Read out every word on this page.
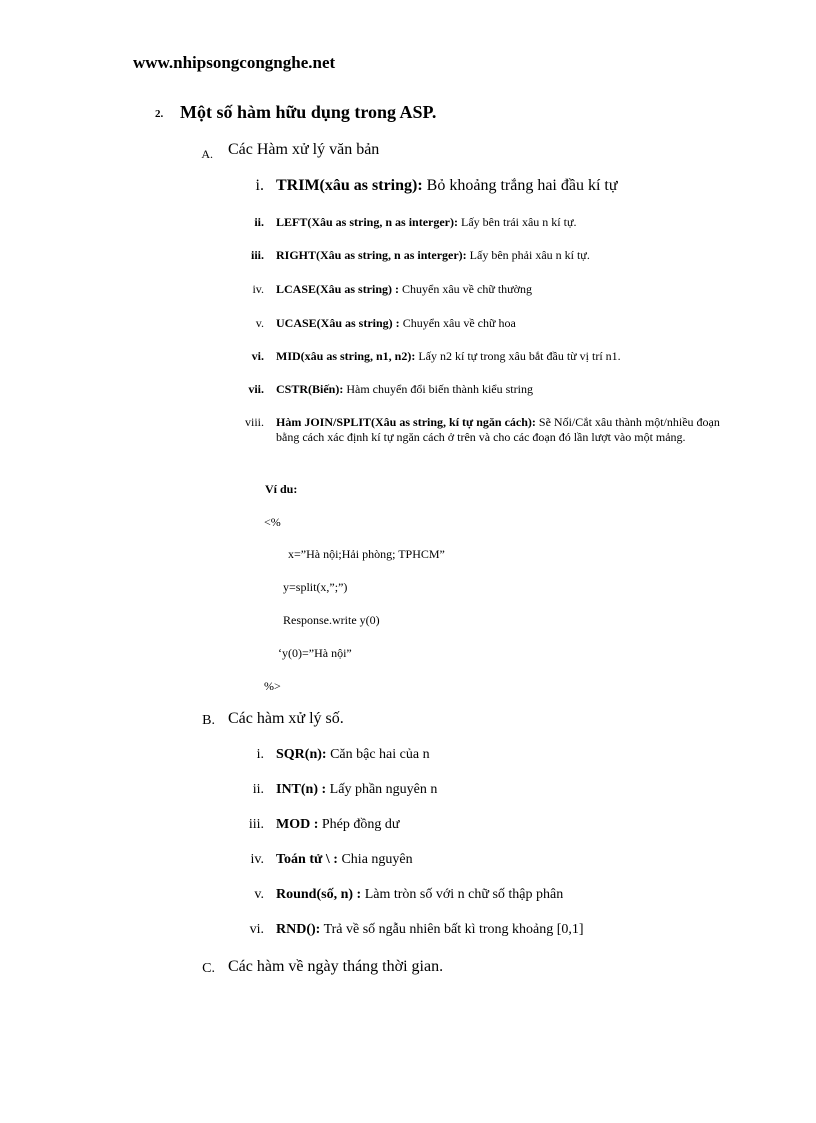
www.nhipsongcongnghe.net
2. Một số hàm hữu dụng trong ASP.
A. Các Hàm xử lý văn bản
i. TRIM(xâu as string): Bỏ khoảng trắng hai đầu kí tự
ii. LEFT(Xâu as string, n as interger): Lấy bên trái xâu n kí tự.
iii. RIGHT(Xâu as string, n as interger): Lấy bên phải xâu n kí tự.
iv. LCASE(Xâu as string) : Chuyển xâu về chữ thường
v. UCASE(Xâu as string) : Chuyển xâu về chữ hoa
vi. MID(xâu as string, n1, n2): Lấy n2 kí tự trong xâu bắt đầu từ vị trí n1.
vii. CSTR(Biến): Hàm chuyển đổi biến thành kiểu string
viii. Hàm JOIN/SPLIT(Xâu as string, kí tự ngăn cách): Sẽ Nối/Cắt xâu thành một/nhiều đoạn bằng cách xác định kí tự ngăn cách ở trên và cho các đoạn đó lần lượt vào một mảng.
Ví du:
<%
x=”Hà nội;Hải phòng; TPHCM”
y=split(x,”;”)
Response.write y(0)
‘y(0)=”Hà nội”
%>
B. Các hàm xử lý số.
i. SQR(n): Căn bậc hai của n
ii. INT(n) : Lấy phần nguyên n
iii. MOD : Phép đồng dư
iv. Toán tử \ : Chia nguyên
v. Round(số, n) : Làm tròn số với n chữ số thập phân
vi. RND(): Trả về số ngẫu nhiên bất kì trong khoảng [0,1]
C. Các hàm về ngày tháng thời gian.
